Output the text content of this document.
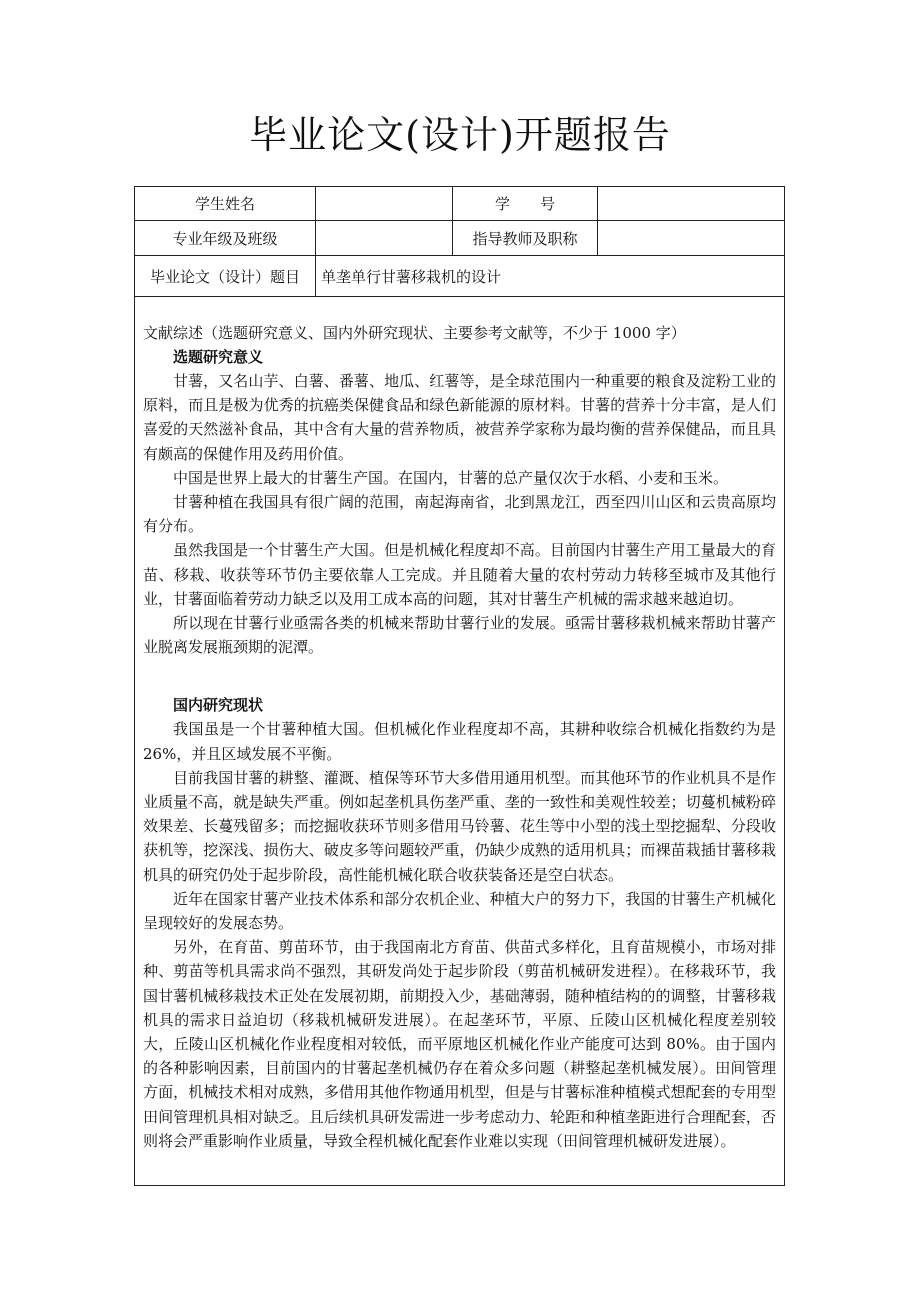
毕业论文(设计)开题报告
学生姓名	学　　号
专业年级及班级	指导教师及职称
毕业论文（设计）题目	单垄单行甘薯移栽机的设计
文献综述（选题研究意义、国内外研究现状、主要参考文献等，不少于 1000 字）

选题研究意义

甘薯，又名山芋、白薯、番薯、地瓜、红薯等，是全球范围内一种重要的粮食及淀粉工业的原料，而且是极为优秀的抗癌类保健食品和绿色新能源的原材料。甘薯的营养十分丰富，是人们喜爱的天然滋补食品，其中含有大量的营养物质，被营养学家称为最均衡的营养保健品，而且具有颇高的保健作用及药用价值。

中国是世界上最大的甘薯生产国。在国内，甘薯的总产量仅次于水稻、小麦和玉米。

甘薯种植在我国具有很广阔的范围，南起海南省，北到黑龙江，西至四川山区和云贵高原均有分布。

虽然我国是一个甘薯生产大国。但是机械化程度却不高。目前国内甘薯生产用工量最大的育苗、移栽、收获等环节仍主要依靠人工完成。并且随着大量的农村劳动力转移至城市及其他行业，甘薯面临着劳动力缺乏以及用工成本高的问题，其对甘薯生产机械的需求越来越迫切。

所以现在甘薯行业亟需各类的机械来帮助甘薯行业的发展。亟需甘薯移栽机械来帮助甘薯产业脱离发展瓶颈期的泥潭。

国内研究现状

我国虽是一个甘薯种植大国。但机械化作业程度却不高，其耕种收综合机械化指数约为是 26%，并且区域发展不平衡。

目前我国甘薯的耕整、灌溉、植保等环节大多借用通用机型。而其他环节的作业机具不是作业质量不高，就是缺失严重。例如起垄机具伤垄严重、垄的一致性和美观性较差；切蔓机械粉碎效果差、长蔓残留多；而挖掘收获环节则多借用马铃薯、花生等中小型的浅土型挖掘犁、分段收获机等，挖深浅、损伤大、破皮多等问题较严重，仍缺少成熟的适用机具；而裸苗栽插甘薯移栽机具的研究仍处于起步阶段，高性能机械化联合收获装备还是空白状态。

近年在国家甘薯产业技术体系和部分农机企业、种植大户的努力下，我国的甘薯生产机械化呈现较好的发展态势。

另外，在育苗、剪苗环节，由于我国南北方育苗、供苗式多样化，且育苗规模小，市场对排种、剪苗等机具需求尚不强烈，其研发尚处于起步阶段（剪苗机械研发进程）。在移栽环节，我国甘薯机械移栽技术正处在发展初期，前期投入少，基础薄弱，随种植结构的的调整，甘薯移栽机具的需求日益迫切（移栽机械研发进展）。在起垄环节，平原、丘陵山区机械化程度差别较大，丘陵山区机械化作业程度相对较低，而平原地区机械化作业产能度可达到 80%。由于国内的各种影响因素，目前国内的甘薯起垄机械仍存在着众多问题（耕整起垄机械发展）。田间管理方面，机械技术相对成熟，多借用其他作物通用机型，但是与甘薯标准种植模式想配套的专用型田间管理机具相对缺乏。且后续机具研发需进一步考虑动力、轮距和种植垄距进行合理配套，否则将会严重影响作业质量，导致全程机械化配套作业难以实现（田间管理机械研发进展）。
